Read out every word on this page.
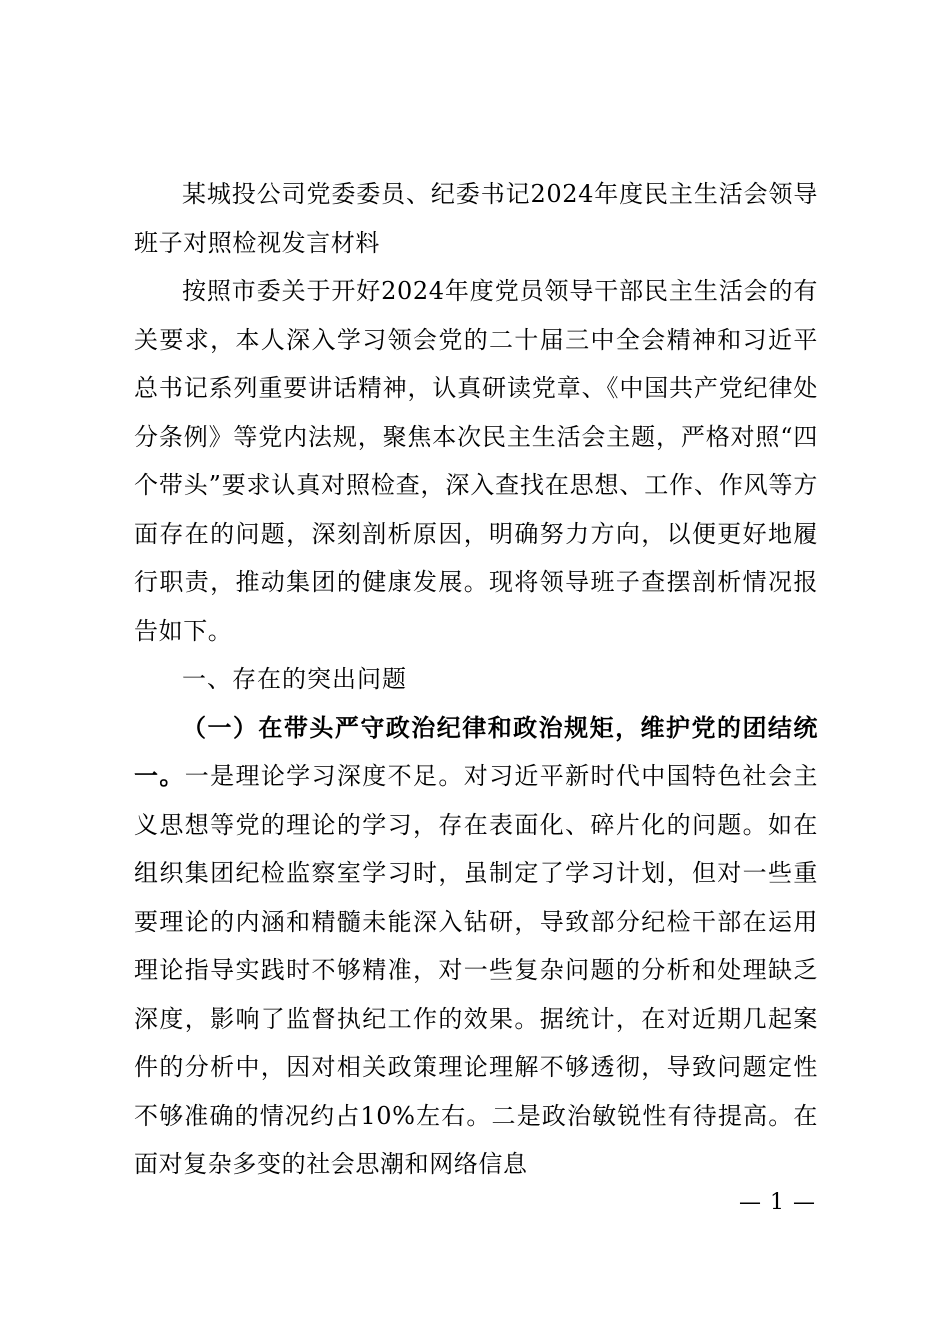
某城投公司党委委员、纪委书记2024年度民主生活会领导班子对照检视发言材料

按照市委关于开好2024年度党员领导干部民主生活会的有关要求，本人深入学习领会党的二十届三中全会精神和习近平总书记系列重要讲话精神，认真研读党章、《中国共产党纪律处分条例》等党内法规，聚焦本次民主生活会主题，严格对照“四个带头”要求认真对照检查，深入查找在思想、工作、作风等方面存在的问题，深刻剖析原因，明确努力方向，以便更好地履行职责，推动集团的健康发展。现将领导班子查摆剖析情况报告如下。

一、存在的突出问题

（一）在带头严守政治纪律和政治规矩，维护党的团结统一。一是理论学习深度不足。对习近平新时代中国特色社会主义思想等党的理论的学习，存在表面化、碎片化的问题。如在组织集团纪检监察室学习时，虽制定了学习计划，但对一些重要理论的内涵和精髓未能深入钻研，导致部分纪检干部在运用理论指导实践时不够精准，对一些复杂问题的分析和处理缺乏深度，影响了监督执纪工作的效果。据统计，在对近期几起案件的分析中，因对相关政策理论理解不够透彻，导致问题定性不够准确的情况约占10%左右。二是政治敏锐性有待提高。在面对复杂多变的社会思潮和网络信息

— 1 —
